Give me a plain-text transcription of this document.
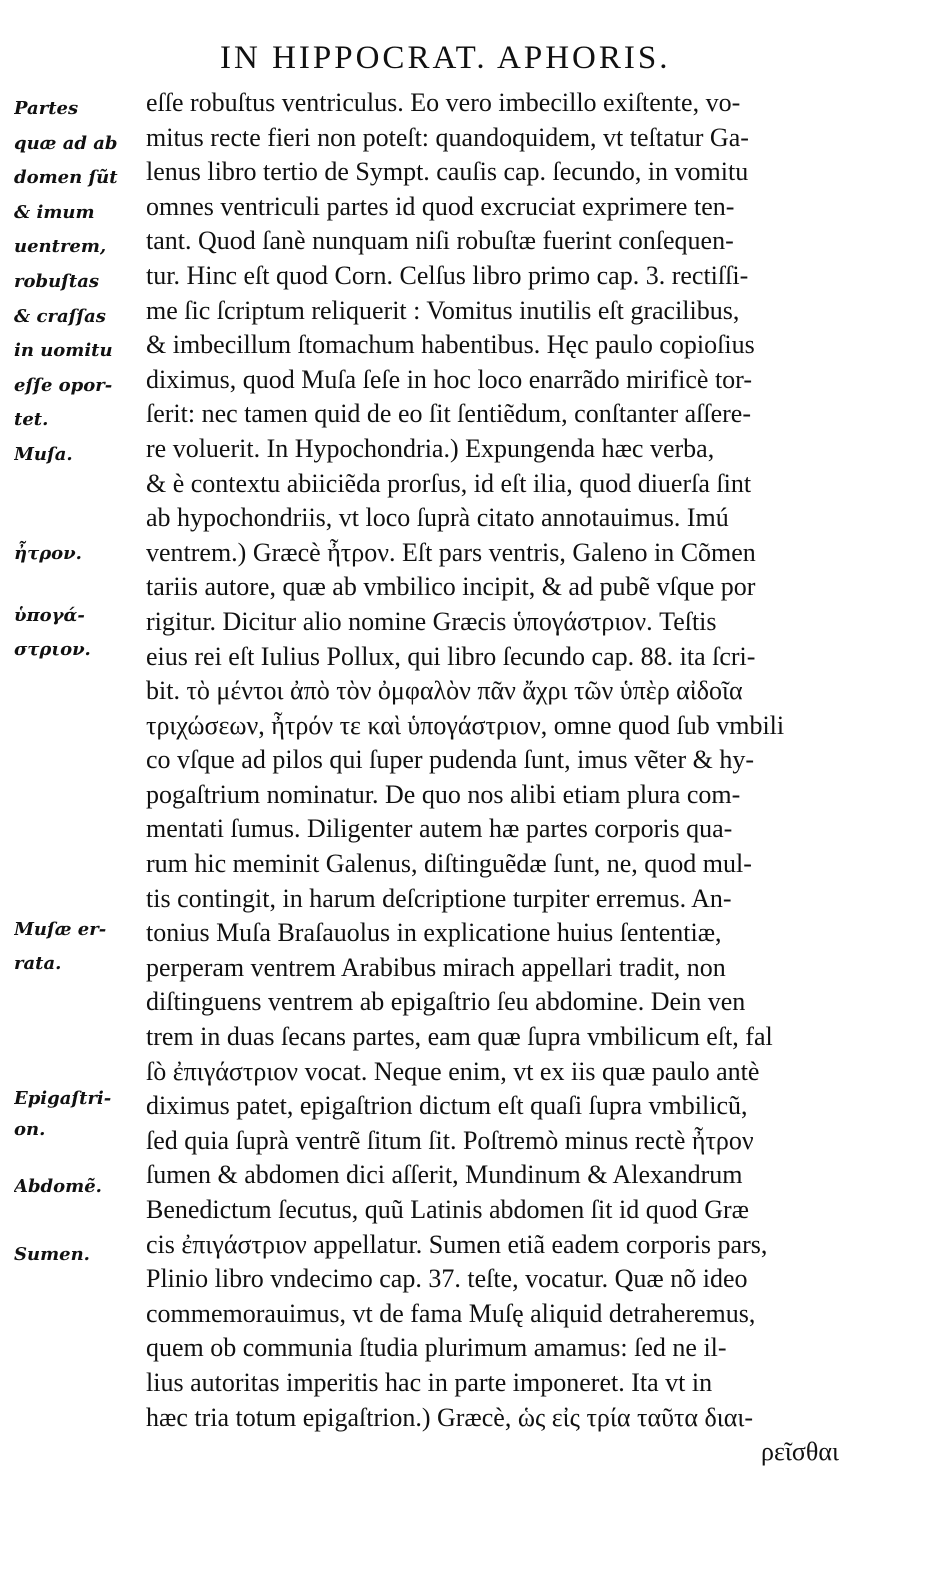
IN HIPPOCRAT. APHORIS.
Partes
quæ ad ab
domen ſũt
& imum
uentrem,
robuſtas
& craſſas
in uomitu
eſſe opor-
tet.
Muſa.
ἦτρον.
ὑπογά-
στριον.
Muſæ er-
rata.
Epigaſtri-
on.
Abdomẽ.
Sumen.
eſſe robuſtus ventriculus. Eo vero imbecillo exiſtente, vo-
mitus recte fieri non poteſt: quandoquidem, vt teſtatur Ga-
lenus libro tertio de Sympt. cauſis cap. ſecundo, in vomitu
omnes ventriculi partes id quod excruciat exprimere ten-
tant. Quod ſanè nunquam niſi robuſtæ fuerint conſequen-
tur. Hinc eſt quod Corn. Celſus libro primo cap. 3. rectiſſi-
me ſic ſcriptum reliquerit : Vomitus inutilis eſt gracilibus,
& imbecillum ſtomachum habentibus. Hęc paulo copioſius
diximus, quod Muſa ſeſe in hoc loco enarrãdo mirificè tor-
ſerit: nec tamen quid de eo ſit ſentiẽdum, conſtanter aſſere-
re voluerit. In Hypochondria.) Expungenda hæc verba,
& è contextu abiiciẽda prorſus, id eſt ilia, quod diuerſa ſint
ab hypochondriis, vt loco ſuprà citato annotauimus. Imú
ventrem.) Græcè ἦτρον. Eſt pars ventris, Galeno in Cõmen
tariis autore, quæ ab vmbilico incipit, & ad pubẽ vſque por
rigitur. Dicitur alio nomine Græcis ὑπογάστριον. Teſtis
eius rei eſt Iulius Pollux, qui libro ſecundo cap. 88. ita ſcri-
bit. τὸ μέντοι ἀπὸ τὸν ὀμφαλὸν πᾶν ἄχρι τῶν ὑπὲρ αἰδοῖα
τριχώσεων, ἦτρόν τε καὶ ὑπογάστριον, omne quod ſub vmbili
co vſque ad pilos qui ſuper pudenda ſunt, imus vẽter & hy-
pogaſtrium nominatur. De quo nos alibi etiam plura com-
mentati ſumus. Diligenter autem hæ partes corporis qua-
rum hic meminit Galenus, diſtinguẽdæ ſunt, ne, quod mul-
tis contingit, in harum deſcriptione turpiter erremus. An-
tonius Muſa Braſauolus in explicatione huius ſententiæ,
perperam ventrem Arabibus mirach appellari tradit, non
diſtinguens ventrem ab epigaſtrio ſeu abdomine. Dein ven
trem in duas ſecans partes, eam quæ ſupra vmbilicum eſt, fal
ſò ἐπιγάστριον vocat. Neque enim, vt ex iis quæ paulo antè
diximus patet, epigaſtrion dictum eſt quaſi ſupra vmbilicũ,
ſed quia ſuprà ventrẽ ſitum ſit. Poſtremò minus rectè ἦτρον
ſumen & abdomen dici aſſerit, Mundinum & Alexandrum
Benedictum ſecutus, quũ Latinis abdomen ſit id quod Græ
cis ἐπιγάστριον appellatur. Sumen etiã eadem corporis pars,
Plinio libro vndecimo cap. 37. teſte, vocatur. Quæ nõ ideo
commemorauimus, vt de fama Muſę aliquid detraheremus,
quem ob communia ſtudia plurimum amamus: ſed ne il-
lius autoritas imperitis hac in parte imponeret. Ita vt in
hæc tria totum epigaſtrion.) Græcè, ὡς εἰς τρία ταῦτα διαι-
ρεῖσθαι
